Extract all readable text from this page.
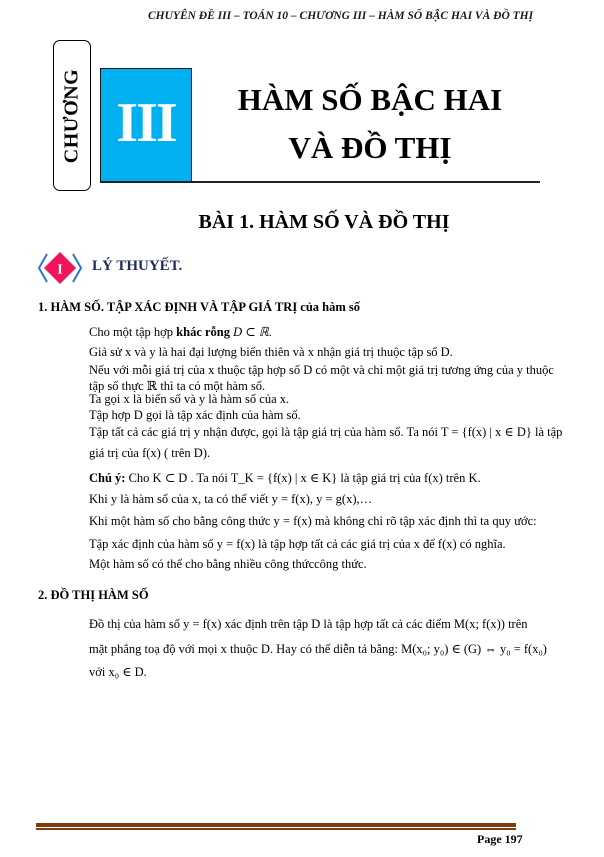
CHUYÊN ĐỀ III – TOÁN 10 – CHƯƠNG III – HÀM SỐ BẬC HAI VÀ ĐỒ THỊ
CHƯƠNG III	HÀM SỐ BẬC HAI
VÀ ĐỒ THỊ
BÀI 1. HÀM SỐ VÀ ĐỒ THỊ
I LÝ THUYẾT.
1. HÀM SỐ. TẬP XÁC ĐỊNH VÀ TẬP GIÁ TRỊ của hàm số
Cho một tập hợp khác rỗng D ⊂ ℝ.
Giả sử x và y là hai đại lượng biến thiên và x nhận giá trị thuộc tập số D.
Nếu với mỗi giá trị của x thuộc tập hợp số D có một và chỉ một giá trị tương ứng của y thuộc
tập số thực ℝ thì ta có một hàm số.
Ta gọi x là biến số và y là hàm số của x.
Tập hợp D gọi là tập xác định của hàm số.
Tập tất cả các giá trị y nhận được, gọi là tập giá trị của hàm số. Ta nói T = {f(x) | x ∈ D} là tập
giá trị của f(x) ( trên D).
Chú ý: Cho K ⊂ D . Ta nói T_K = {f(x) | x ∈ K} là tập giá trị của f(x) trên K.
Khi y là hàm số của x, ta có thể viết y = f(x), y = g(x),…
Khi một hàm số cho bằng công thức y = f(x) mà không chỉ rõ tập xác định thì ta quy ước:
Tập xác định của hàm số y = f(x) là tập hợp tất cả các giá trị của x để f(x) có nghĩa.
Một hàm số có thể cho bằng nhiều công thứccông thức.
2. ĐỒ THỊ HÀM SỐ
Đồ thị của hàm số y = f(x) xác định trên tập D là tập hợp tất cả các điểm M(x; f(x)) trên
mặt phẳng toạ độ với mọi x thuộc D. Hay có thể diễn tả bằng: M(x₀; y₀) ∈ (G) ⇔ y₀ = f(x₀)
với x₀ ∈ D.
Page 197
